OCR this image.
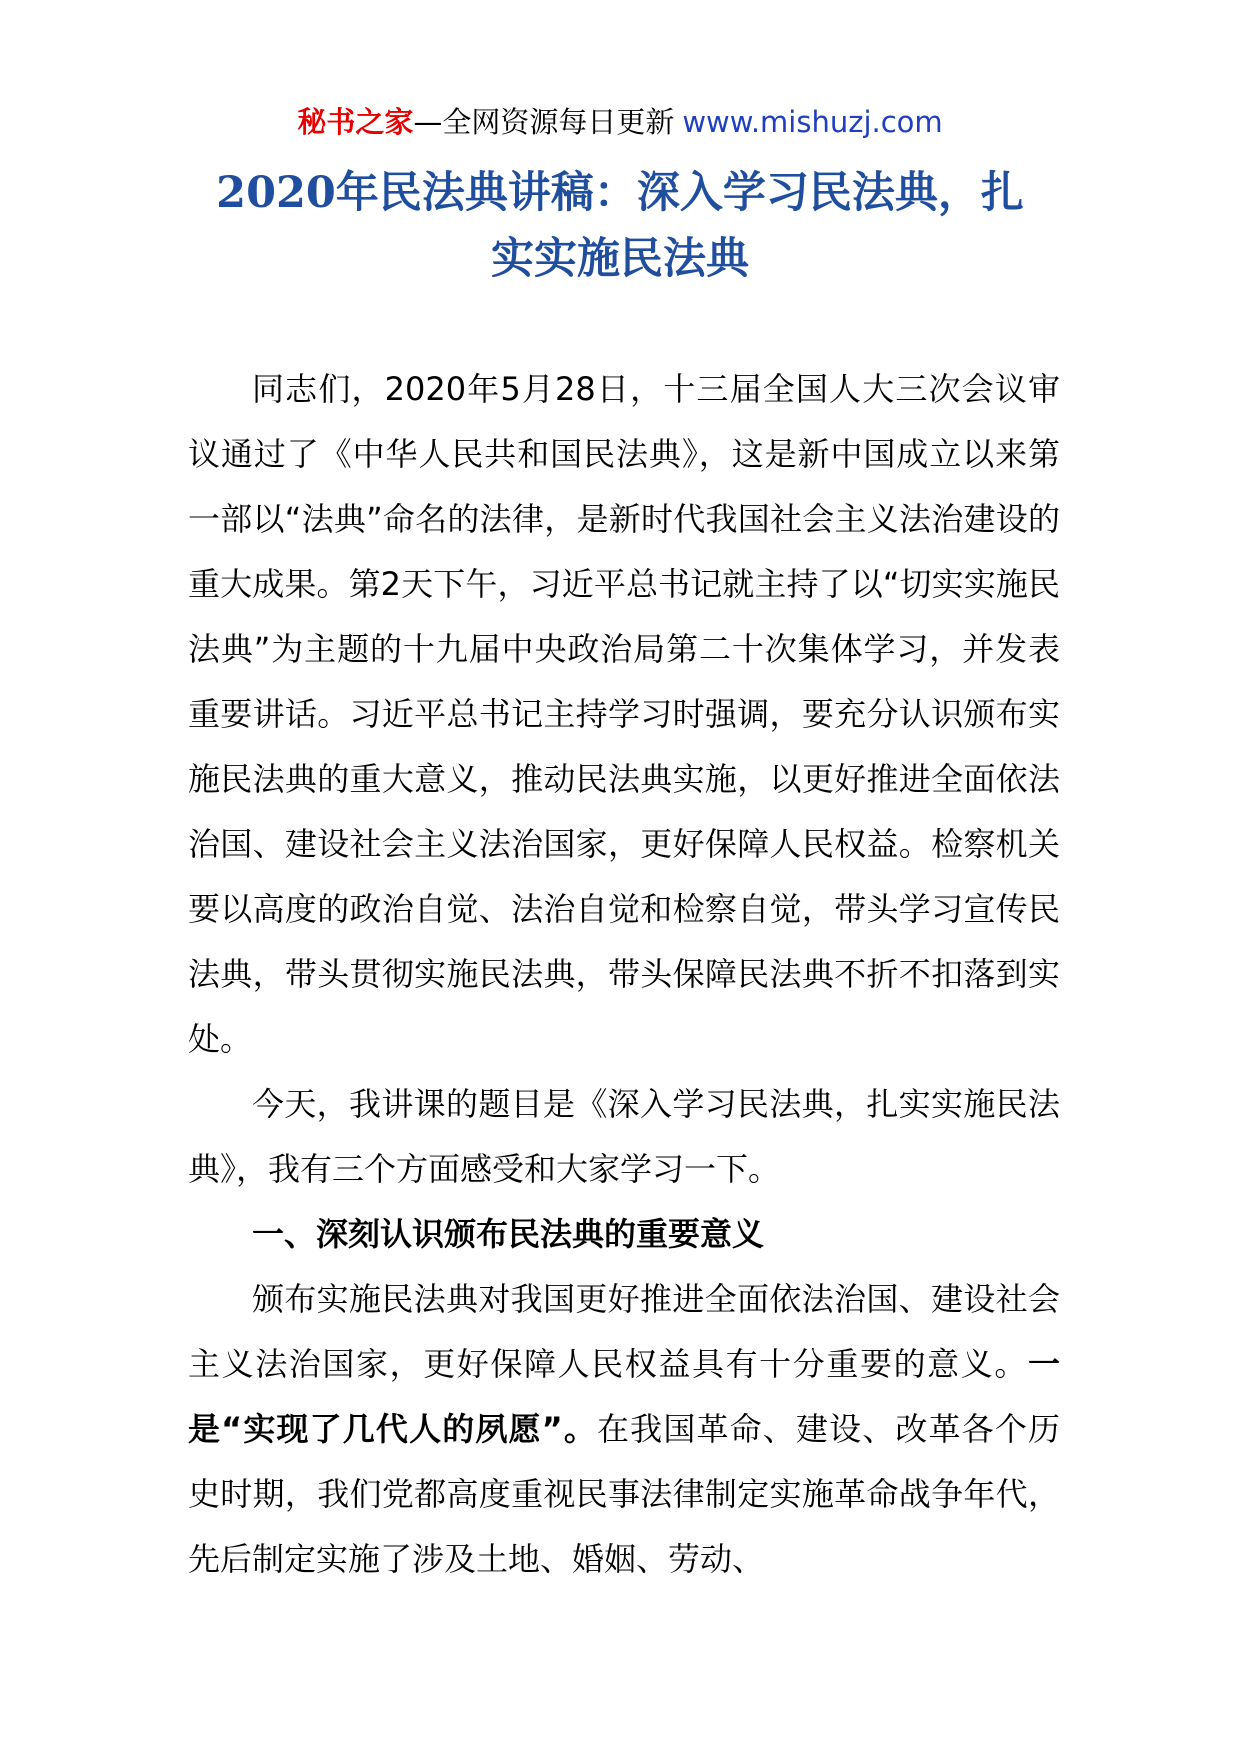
秘书之家—全网资源每日更新 www.mishuzj.com
2020年民法典讲稿：深入学习民法典，扎
实实施民法典

同志们，2020年5月28日，十三届全国人大三次会议审议通过了《中华人民共和国民法典》，这是新中国成立以来第一部以“法典”命名的法律，是新时代我国社会主义法治建设的重大成果。第2天下午，习近平总书记就主持了以“切实实施民法典”为主题的十九届中央政治局第二十次集体学习，并发表重要讲话。习近平总书记主持学习时强调，要充分认识颁布实施民法典的重大意义，推动民法典实施，以更好推进全面依法治国、建设社会主义法治国家，更好保障人民权益。检察机关要以高度的政治自觉、法治自觉和检察自觉，带头学习宣传民法典，带头贯彻实施民法典，带头保障民法典不折不扣落到实处。

今天，我讲课的题目是《深入学习民法典，扎实实施民法典》，我有三个方面感受和大家学习一下。

一、深刻认识颁布民法典的重要意义

颁布实施民法典对我国更好推进全面依法治国、建设社会主义法治国家，更好保障人民权益具有十分重要的意义。一是“实现了几代人的夙愿”。在我国革命、建设、改革各个历史时期，我们党都高度重视民事法律制定实施革命战争年代，先后制定实施了涉及土地、婚姻、劳动、
